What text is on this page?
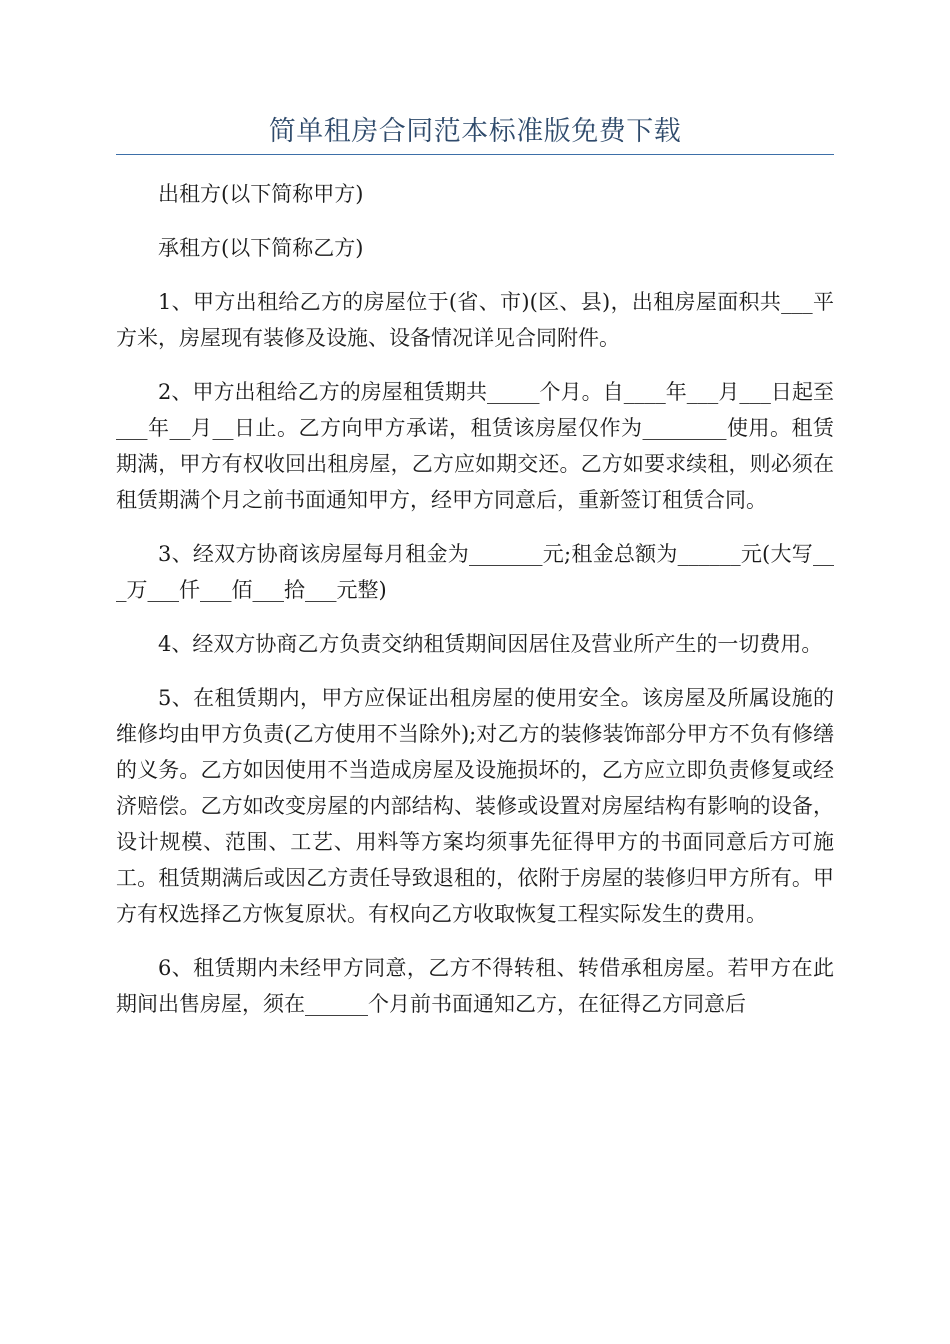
简单租房合同范本标准版免费下载

出租方(以下简称甲方)

承租方(以下简称乙方)

1、甲方出租给乙方的房屋位于(省、市)(区、县)，出租房屋面积共___平方米，房屋现有装修及设施、设备情况详见合同附件。

2、甲方出租给乙方的房屋租赁期共_____个月。自____年___月___日起至___年__月__日止。乙方向甲方承诺，租赁该房屋仅作为________使用。租赁期满，甲方有权收回出租房屋，乙方应如期交还。乙方如要求续租，则必须在租赁期满个月之前书面通知甲方，经甲方同意后，重新签订租赁合同。

3、经双方协商该房屋每月租金为_______元;租金总额为______元(大写___万___仟___佰___拾___元整)

4、经双方协商乙方负责交纳租赁期间因居住及营业所产生的一切费用。

5、在租赁期内，甲方应保证出租房屋的使用安全。该房屋及所属设施的维修均由甲方负责(乙方使用不当除外);对乙方的装修装饰部分甲方不负有修缮的义务。乙方如因使用不当造成房屋及设施损坏的，乙方应立即负责修复或经济赔偿。乙方如改变房屋的内部结构、装修或设置对房屋结构有影响的设备，设计规模、范围、工艺、用料等方案均须事先征得甲方的书面同意后方可施工。租赁期满后或因乙方责任导致退租的，依附于房屋的装修归甲方所有。甲方有权选择乙方恢复原状。有权向乙方收取恢复工程实际发生的费用。

6、租赁期内未经甲方同意，乙方不得转租、转借承租房屋。若甲方在此期间出售房屋，须在______个月前书面通知乙方，在征得乙方同意后
